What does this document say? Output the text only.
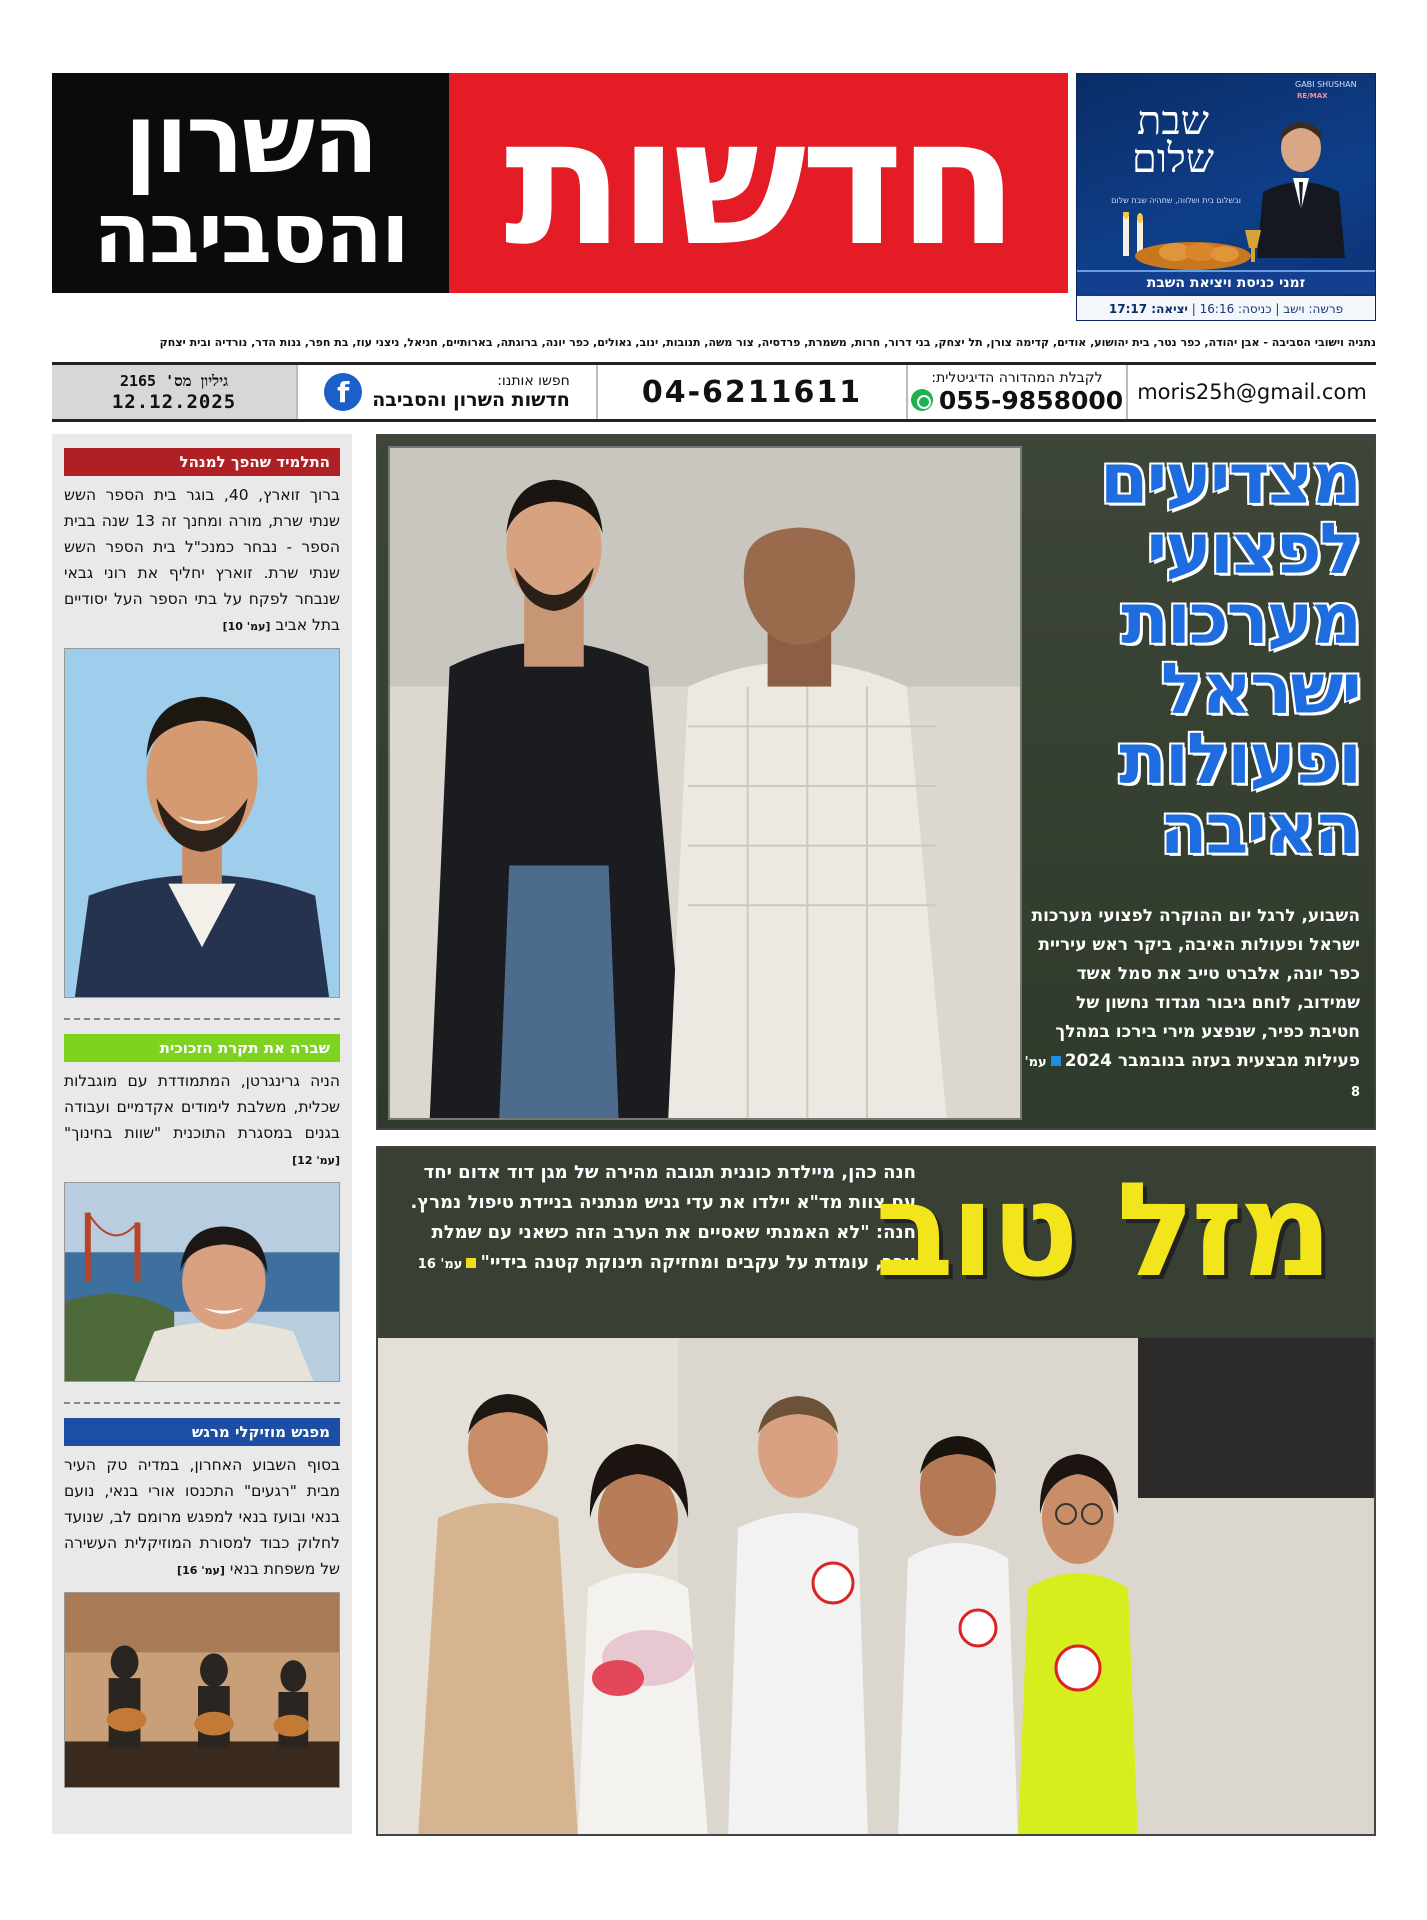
השרון
והסביבה חדשות	GABI SHUSHAN
RE/MAX
שבת
שלום
ובשלום בית ושלווה, שתהיה שבת שלום
זמני כניסת ויציאת השבת
פרשה: וישב | כניסה: 16:16 | יציאה: 17:17
נתניה וישובי הסביבה - אבן יהודה, כפר נטר, בית יהושוע, אודים, קדימה צורן, תל יצחק, בני דרור, חרות, משמרת, פרדסיה, צור משה, תנובות, ינוב, גאולים, כפר יונה, ברוגתה, בארותיים, חניאל, ניצני עוז, בת חפר, גנות הדר, נורדיה ובית יצחק
moris25h@gmail.com
לקבלת המהדורה הדיגיטלית:
055-9858000
04-6211611
חפשו אותנו:
חדשות השרון והסביבה
f
גיליון מס' 2165
12.12.2025
התלמיד שהפך למנהל
ברוך זוארץ, 40, בוגר בית הספר השש שנתי שרת, מורה ומחנך זה 13 שנה בבית הספר - נבחר כמנכ"ל בית הספר השש שנתי שרת. זוארץ יחליף את רוני גבאי שנבחר לפקח על בתי הספר העל יסודיים בתל אביב [עמ' 10]
שברה את תקרת הזכוכית
הניה גרינגרטן, המתמודדת עם מוגבלות שכלית, משלבת לימודים אקדמיים ועבודה בגנים במסגרת התוכנית "שוות בחינוך" [עמ' 12]
מפגש מוזיקלי מרגש
בסוף השבוע האחרון, במדיה טק העיר מבית "רגעים" התכנסו אורי בנאי, נועם בנאי ובועז בנאי למפגש מרומם לב, שנועד לחלוק כבוד למסורת המוזיקלית העשירה של משפחת בנאי [עמ' 16]
מצדיעים
לפצועי
מערכות
ישראל
ופעולות
האיבה
השבוע, לרגל יום ההוקרה לפצועי מערכות ישראל ופעולות האיבה, ביקר ראש עיריית כפר יונה, אלברט טייב את סמל אשד שמידוב, לוחם גיבור מגדוד נחשון של חטיבת כפיר, שנפצע מירי בירכו במהלך פעילות מבצעית בעזה בנובמבר 2024עמ' 8
חנה כהן, מיילדת כוננית תגובה מהירה של מגן דוד אדום יחד עם צוות מד"א יילדו את עדי גניש מנתניה בניידת טיפול נמרץ. חנה: "לא האמנתי שאסיים את הערב הזה כשאני עם שמלת ערב, עומדת על עקבים ומחזיקה תינוקת קטנה בידיי"עמ' 16	מזל טוב
